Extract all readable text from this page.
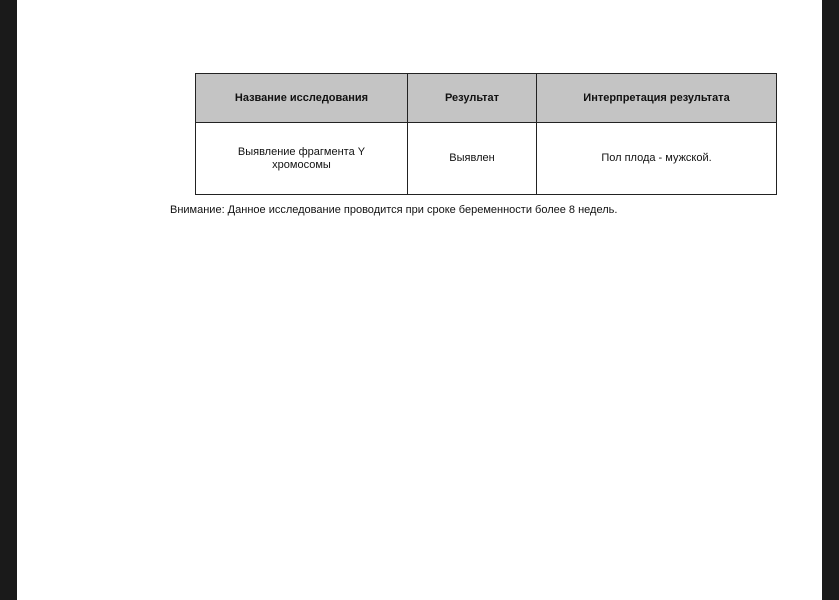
Название исследования	Результат	Интерпретация результата
Выявление фрагмента Y хромосомы	Выявлен	Пол плода - мужской.
Внимание: Данное исследование проводится при сроке беременности более 8 недель.
